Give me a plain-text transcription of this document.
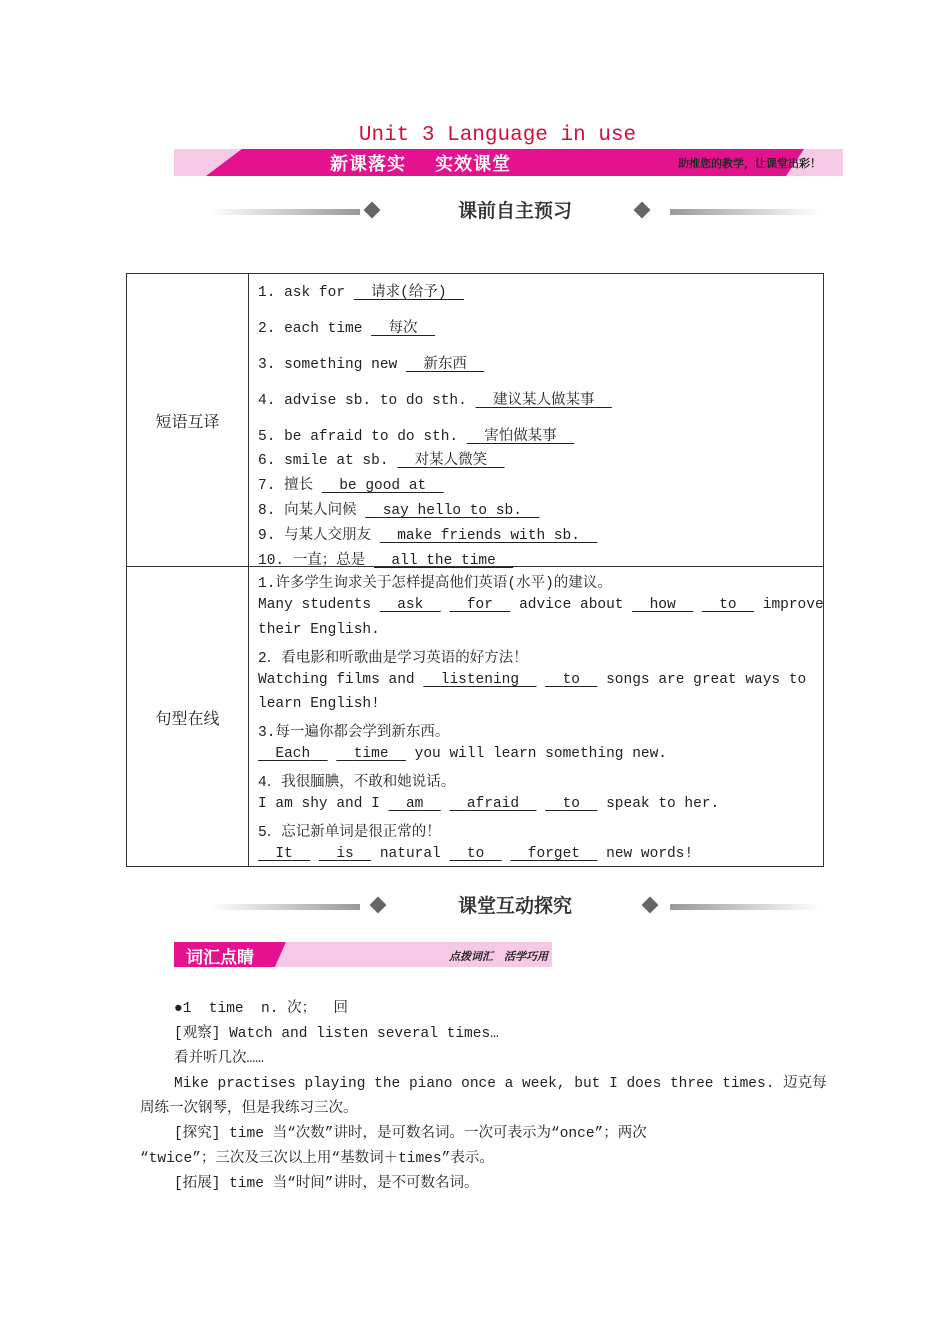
Unit 3 Language in use
新课落实    实效课堂	助推您的教学，让课堂出彩！
课前自主预习
短语互译
1. ask for 请求(给予)
2. each time 每次
3. something new 新东西
4. advise sb. to do sth. 建议某人做某事
5. be afraid to do sth. 害怕做某事
6. smile at sb. 对某人微笑
7. 擅长 be good at
8. 向某人问候 say hello to sb.
9. 与某人交朋友 make friends with sb.
10. 一直；总是 all the time
句型在线
1.许多学生询求关于怎样提高他们英语(水平)的建议。
Many students ask	for advice about how	to improve
their English.
2．看电影和听歌曲是学习英语的好方法！
Watching films and listening	to songs are great ways to
learn English!
3.每一遍你都会学到新东西。
Each	time you will learn something new.
4．我很腼腆，不敢和她说话。
I am shy and I am	afraid	to speak to her.
5．忘记新单词是很正常的！
It	is natural to	forget new words!
课堂互动探究
词汇点睛	点拨词汇　活学巧用
●1  time  n. 次；  回
[观察] Watch and listen several times…
看并听几次……
Mike practises playing the piano once a week, but I does three times. 迈克每
周练一次钢琴，但是我练习三次。
[探究] time 当“次数”讲时，是可数名词。一次可表示为“once”；两次
“twice”；三次及三次以上用“基数词＋times”表示。
[拓展] time 当“时间”讲时，是不可数名词。
